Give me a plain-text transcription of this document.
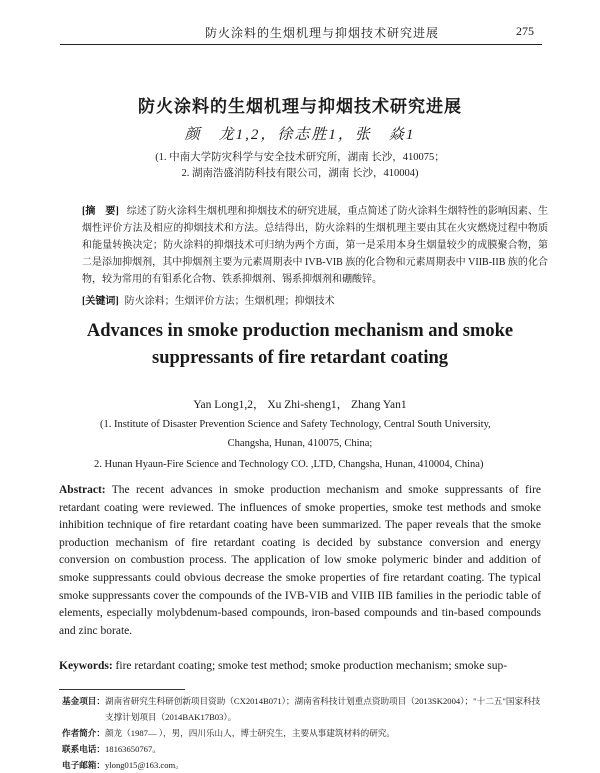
防火涂料的生烟机理与抑烟技术研究进展	275
防火涂料的生烟机理与抑烟技术研究进展
颜　龙1,2，徐志胜1，张　焱1
(1. 中南大学防灾科学与安全技术研究所，湖南 长沙，410075；
2. 湖南浩盛消防科技有限公司，湖南 长沙，410004)
[摘　要] 综述了防火涂料生烟机理和抑烟技术的研究进展，重点简述了防火涂料生烟特性的影响因素、生烟性评价方法及相应的抑烟技术和方法。总结得出，防火涂料的生烟机理主要由其在火灾燃烧过程中物质和能量转换决定；防火涂料的抑烟技术可归纳为两个方面，第一是采用本身生烟量较少的成膜聚合物，第二是添加抑烟剂，其中抑烟剂主要为元素周期表中 IVB-VIB 族的化合物和元素周期表中 VIIB-IIB 族的化合物，较为常用的有钼系化合物、铁系抑烟剂、锡系抑烟剂和硼酸锌。
[关键词] 防火涂料；生烟评价方法；生烟机理；抑烟技术
Advances in smoke production mechanism and smoke
suppressants of fire retardant coating
Yan Long1,2， Xu Zhi-sheng1， Zhang Yan1
(1. Institute of Disaster Prevention Science and Safety Technology, Central South University,
Changsha, Hunan, 410075, China;
2. Hunan Hyaun-Fire Science and Technology CO. ,LTD, Changsha, Hunan, 410004, China)
Abstract: The recent advances in smoke production mechanism and smoke suppressants of fire retardant coating were reviewed. The influences of smoke properties, smoke test methods and smoke inhibition technique of fire retardant coating have been summarized. The paper reveals that the smoke production mechanism of fire retardant coating is decided by substance conversion and energy conversion on combustion process. The application of low smoke polymeric binder and addition of smoke suppressants could obvious decrease the smoke properties of fire retardant coating. The typical smoke suppressants cover the compounds of the IVB-VIB and VIIB IIB families in the periodic table of elements, especially molybdenum-based compounds, iron-based compounds and tin-based compounds and zinc borate.
Keywords: fire retardant coating; smoke test method; smoke production mechanism; smoke sup-
基金项目： 湖南省研究生科研创新项目资助（CX2014B071）；湖南省科技计划重点资助项目（2013SK2004）；"十二五"国家科技支撑计划项目（2014BAK17B03）。
作者简介： 颜龙（1987— ），男，四川乐山人，博士研究生，主要从事建筑材料的研究。
联系电话： 18163650767。
电子邮箱： ylong015@163.com。
